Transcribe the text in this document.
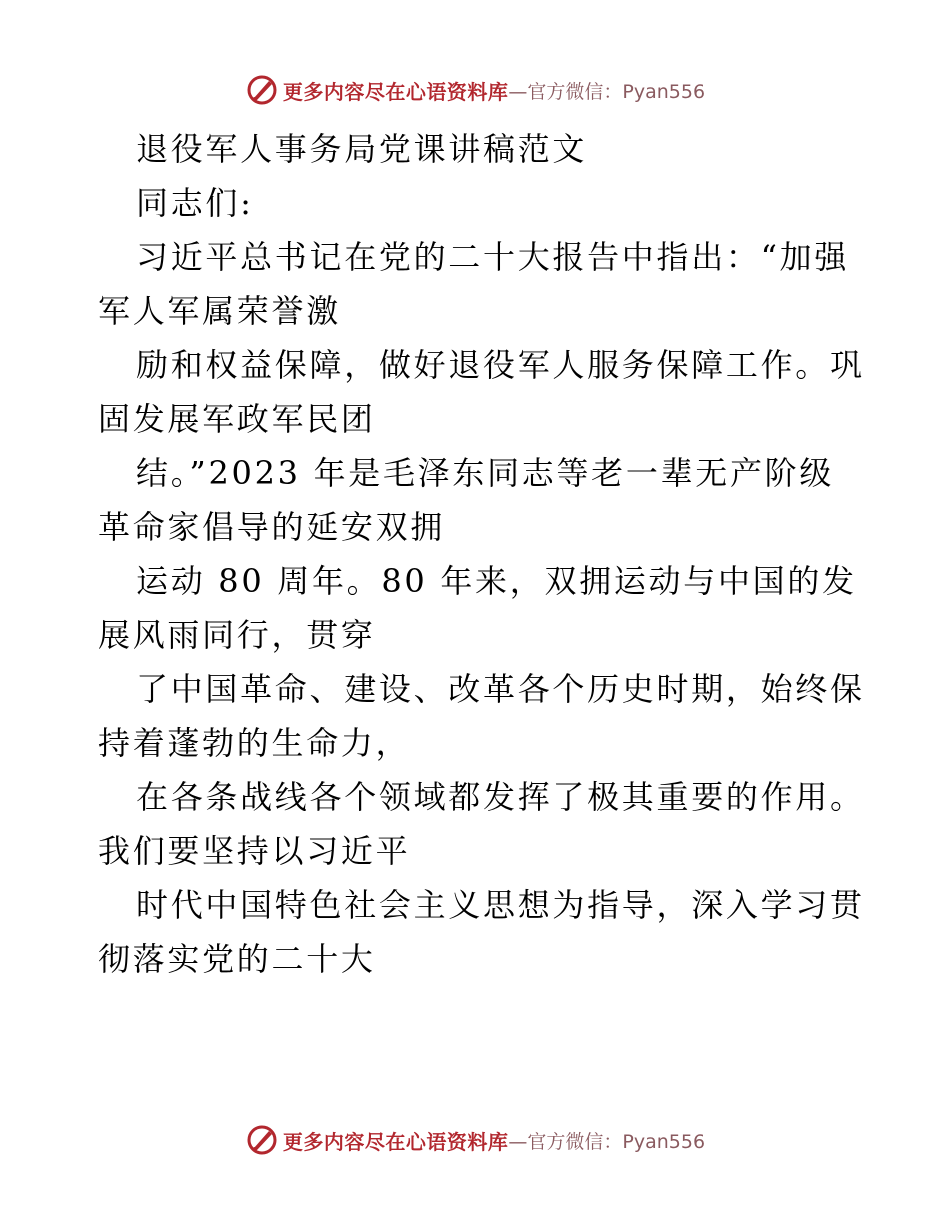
更多内容尽在心语资料库 —官方微信：Pyan556
退役军人事务局党课讲稿范文
同志们:
习近平总书记在党的二十大报告中指出：“加强
军人军属荣誉激
励和权益保障，做好退役军人服务保障工作。巩
固发展军政军民团
结。”2023 年是毛泽东同志等老一辈无产阶级
革命家倡导的延安双拥
运动 80 周年。80 年来，双拥运动与中国的发
展风雨同行，贯穿
了中国革命、建设、改革各个历史时期，始终保
持着蓬勃的生命力，
在各条战线各个领域都发挥了极其重要的作用。
我们要坚持以习近平
时代中国特色社会主义思想为指导，深入学习贯
彻落实党的二十大
更多内容尽在心语资料库 —官方微信：Pyan556
